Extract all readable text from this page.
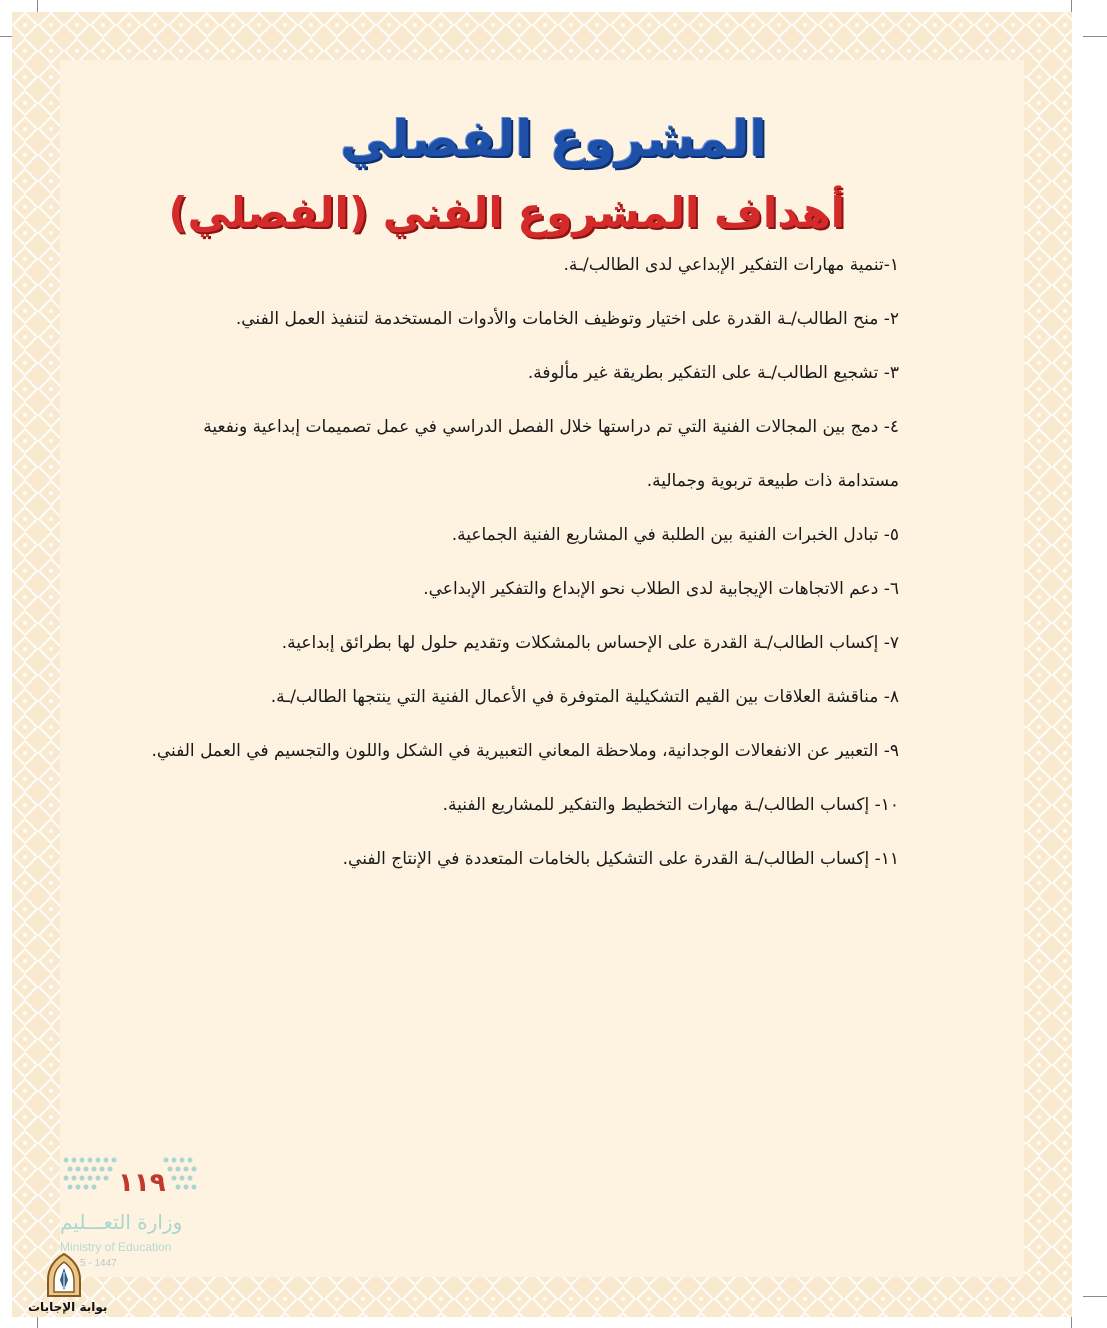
المشروع الفصلي
أهداف المشروع الفني (الفصلي)
١-تنمية مهارات التفكير الإبداعي لدى الطالب/ـة.
٢- منح الطالب/ـة القدرة على اختيار وتوظيف الخامات والأدوات المستخدمة لتنفيذ العمل الفني.
٣- تشجيع الطالب/ـة على التفكير بطريقة غير مألوفة.
٤- دمج بين المجالات الفنية التي تم دراستها خلال الفصل الدراسي في عمل تصميمات إبداعية ونفعية
مستدامة ذات طبيعة تربوية وجمالية.
٥- تبادل الخبرات الفنية بين الطلبة في المشاريع الفنية الجماعية.
٦- دعم الاتجاهات الإيجابية لدى الطلاب نحو الإبداع والتفكير الإبداعي.
٧- إكساب الطالب/ـة القدرة على الإحساس بالمشكلات وتقديم حلول لها بطرائق إبداعية.
٨- مناقشة العلاقات بين القيم التشكيلية المتوفرة في الأعمال الفنية التي ينتجها الطالب/ـة.
٩- التعبير عن الانفعالات الوجدانية، وملاحظة المعاني التعبيرية في الشكل واللون والتجسيم في العمل الفني.
١٠- إكساب الطالب/ـة مهارات التخطيط والتفكير للمشاريع الفنية.
١١- إكساب الطالب/ـة القدرة على التشكيل بالخامات المتعددة في الإنتاج الفني.
١١٩
وزارة التعـــليم
Ministry of Education
5 - 1447
بوابة الإجابات
